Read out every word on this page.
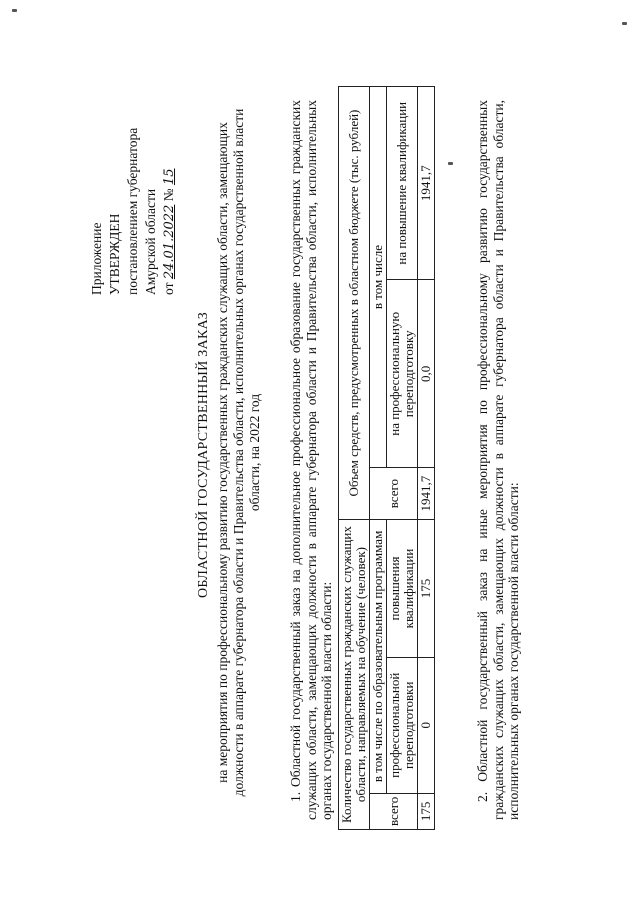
Приложение УТВЕРЖДЕН постановлением губернатора Амурской области от 24.01.2022 № 15
ОБЛАСТНОЙ ГОСУДАРСТВЕННЫЙ ЗАКАЗ на мероприятия по профессиональному развитию государственных гражданских служащих области, замещающих должности в аппарате губернатора области и Правительства области, исполнительных органах государственной власти области, на 2022 год 1. Областной государственный заказ на дополнительное профессиональное образование государственных гражданских служащих области, замещающих должности в аппарате губернатора области и Правительства области, исполнительных органах государственной власти области: Количество государственных гражданских служащих области, направляемых на обучение (человек)			Объем средств, предусмотренных в областном бюджете (тыс. рублей)		
всего	в том числе по образовательным программам		всего	в том числе	
	профессиональной переподготовки	повышения квалификации		на профессиональную переподготовку	на повышение квалификации
175	0	175	1941,7	0,0	1941,7	2. Областной государственный заказ на иные мероприятия по профессиональному развитию государственных гражданских служащих области, замещающих должности в аппарате губернатора области и Правительства области, исполнительных органах государственной власти области:
